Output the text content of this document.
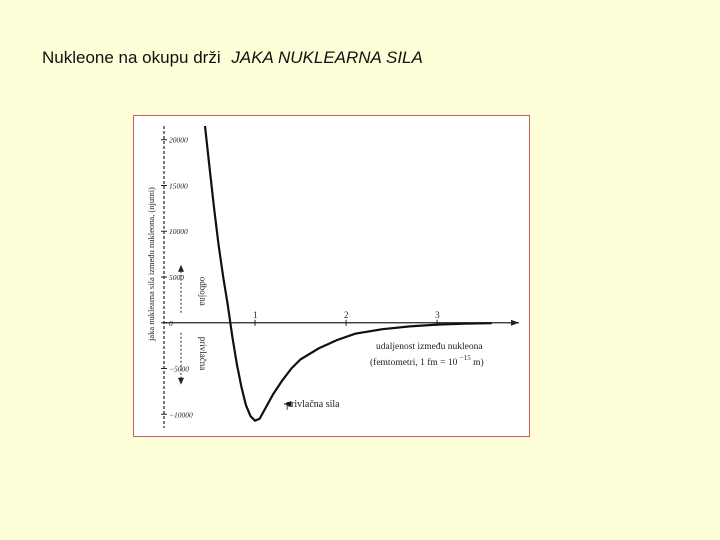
Nukleone na okupu drži JAKA NUKLEARNA SILA
20000
15000
10000
5000
0
−5000
−10000
1	2	3
jaka nuklearna sila između nukleona, (njutni)	odbojna
privlačna	udaljenost između nukleona
(femtometri, 1 fm = 10 $^{-15}$ m)
privlačna sila
